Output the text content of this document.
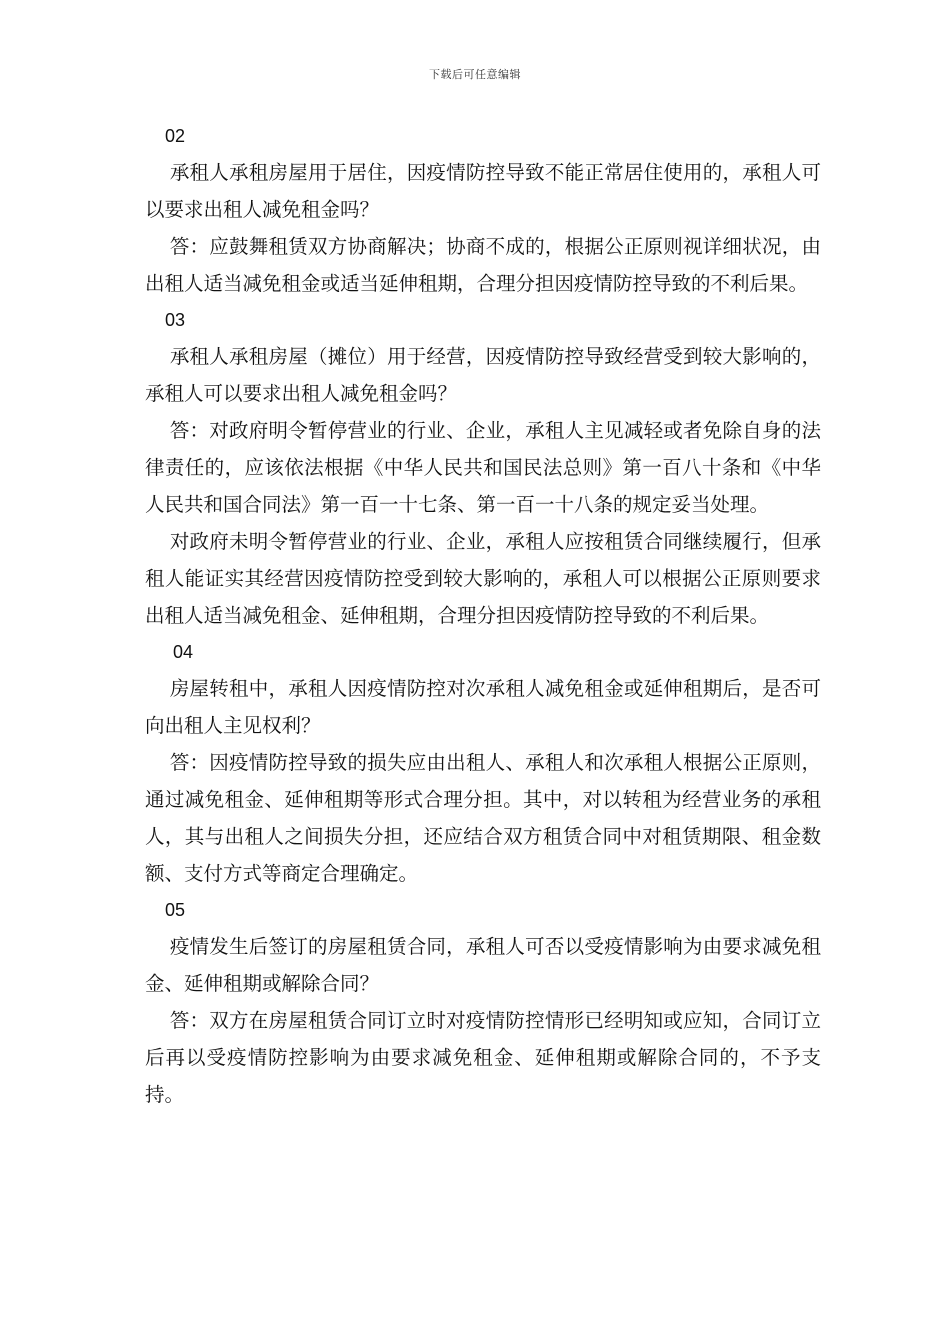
下载后可任意编辑
02

承租人承租房屋用于居住，因疫情防控导致不能正常居住使用的，承租人可以要求出租人减免租金吗？

答：应鼓舞租赁双方协商解决；协商不成的，根据公正原则视详细状况，由出租人适当减免租金或适当延伸租期，合理分担因疫情防控导致的不利后果。

03

承租人承租房屋（摊位）用于经营，因疫情防控导致经营受到较大影响的，承租人可以要求出租人减免租金吗？

答：对政府明令暂停营业的行业、企业，承租人主见减轻或者免除自身的法律责任的，应该依法根据《中华人民共和国民法总则》第一百八十条和《中华人民共和国合同法》第一百一十七条、第一百一十八条的规定妥当处理。

对政府未明令暂停营业的行业、企业，承租人应按租赁合同继续履行，但承租人能证实其经营因疫情防控受到较大影响的，承租人可以根据公正原则要求出租人适当减免租金、延伸租期，合理分担因疫情防控导致的不利后果。

04

房屋转租中，承租人因疫情防控对次承租人减免租金或延伸租期后，是否可向出租人主见权利？

答：因疫情防控导致的损失应由出租人、承租人和次承租人根据公正原则，通过减免租金、延伸租期等形式合理分担。其中，对以转租为经营业务的承租人，其与出租人之间损失分担，还应结合双方租赁合同中对租赁期限、租金数额、支付方式等商定合理确定。

05

疫情发生后签订的房屋租赁合同，承租人可否以受疫情影响为由要求减免租金、延伸租期或解除合同？

答：双方在房屋租赁合同订立时对疫情防控情形已经明知或应知，合同订立后再以受疫情防控影响为由要求减免租金、延伸租期或解除合同的，不予支持。
